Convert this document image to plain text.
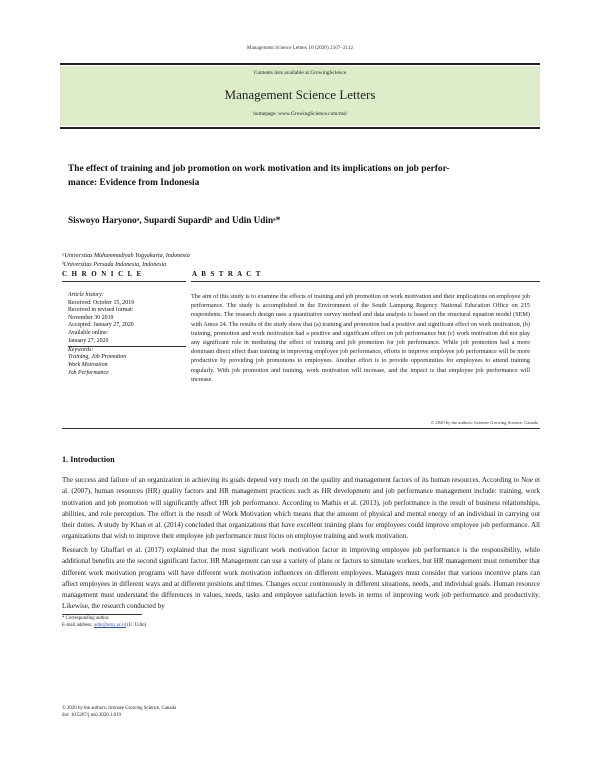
Management Science Letters 10 (2020) 2107–2112
Contents lists available at GrowingScience
Management Science Letters
homepage: www.GrowingScience.com/msl
The effect of training and job promotion on work motivation and its implications on job perfor-
mance: Evidence from Indonesia
Siswoyo Haryonoᵃ, Supardi Supardiᵇ and Udin Udinᵃ*
ᵃUniversitas Muhammadiyah Yogyakarta, Indonesia
ᵇUniversitas Persada Indonesia, Indonesia
C H R O N I C L E	A B S T R A C T
Article history:
Received: October 15, 2019
Received in revised format:
November 30 2019
Accepted: January 27, 2020
Available online:
January 27, 2020
Keywords:
Training, Job Promotion
Work Motivation
Job Performance
The aim of this study is to examine the effects of training and job promotion on work motivation and their implications on employee job performance. The study is accomplished in the Environment of the South Lampung Regency National Education Office on 215 respondents. The research design uses a quantitative survey method and data analysis is based on the structural equation model (SEM) with Amos 24. The results of the study show that (a) training and promotion had a positive and significant effect on work motivation, (b) training, promotion and work motivation had a positive and significant effect on job performance but (c) work motivation did not play any significant role in mediating the effect of training and job promotion for job performance. While job promotion had a more dominant direct effect than training in improving employee job performance, efforts to improve employee job performance will be more productive by providing job promotions to employees. Another effort is to provide opportunities for employees to attend training regularly. With job promotion and training, work motivation will increase, and the impact is that employee job performance will increase.
© 2020 by the authors; licensee Growing Science, Canada
1. Introduction
The success and failure of an organization in achieving its goals depend very much on the quality and management factors of its human resources. According to Noe et al. (2007), human resources (HR) quality factors and HR management practices such as HR development and job performance management include: training, work motivation and job promotion will significantly affect HR job performance. According to Mathis et al. (2013), job performance is the result of business relationships, abilities, and role perception. The effort is the result of Work Motivation which means that the amount of physical and mental energy of an individual in carrying out their duties. A study by Khan et al. (2014) concluded that organizations that have excellent training plans for employees could improve employee job performance. All organizations that wish to improve their employee job performance must focus on employee training and work motivation.
Research by Ghaffari et al. (2017) explained that the most significant work motivation factor in improving employee job performance is the responsibility, while additional benefits are the second significant factor. HR Management can use a variety of plans or factors to simulate workers, but HR management must remember that different work motivation programs will have different work motivation influences on different employees. Managers must consider that various incentive plans can affect employees in different ways and at different positions and times. Changes occur continuously in different situations, needs, and individual goals. Human resource management must understand the differences in values, needs, tasks and employee satisfaction levels in terms of improving work job performance and productivity. Likewise, the research conducted by
* Corresponding author.
E-mail address: udin@umy.ac.id (U. Udin)
© 2020 by the authors; licensee Growing Science, Canada
doi: 10.5267/j.msl.2020.1.019
